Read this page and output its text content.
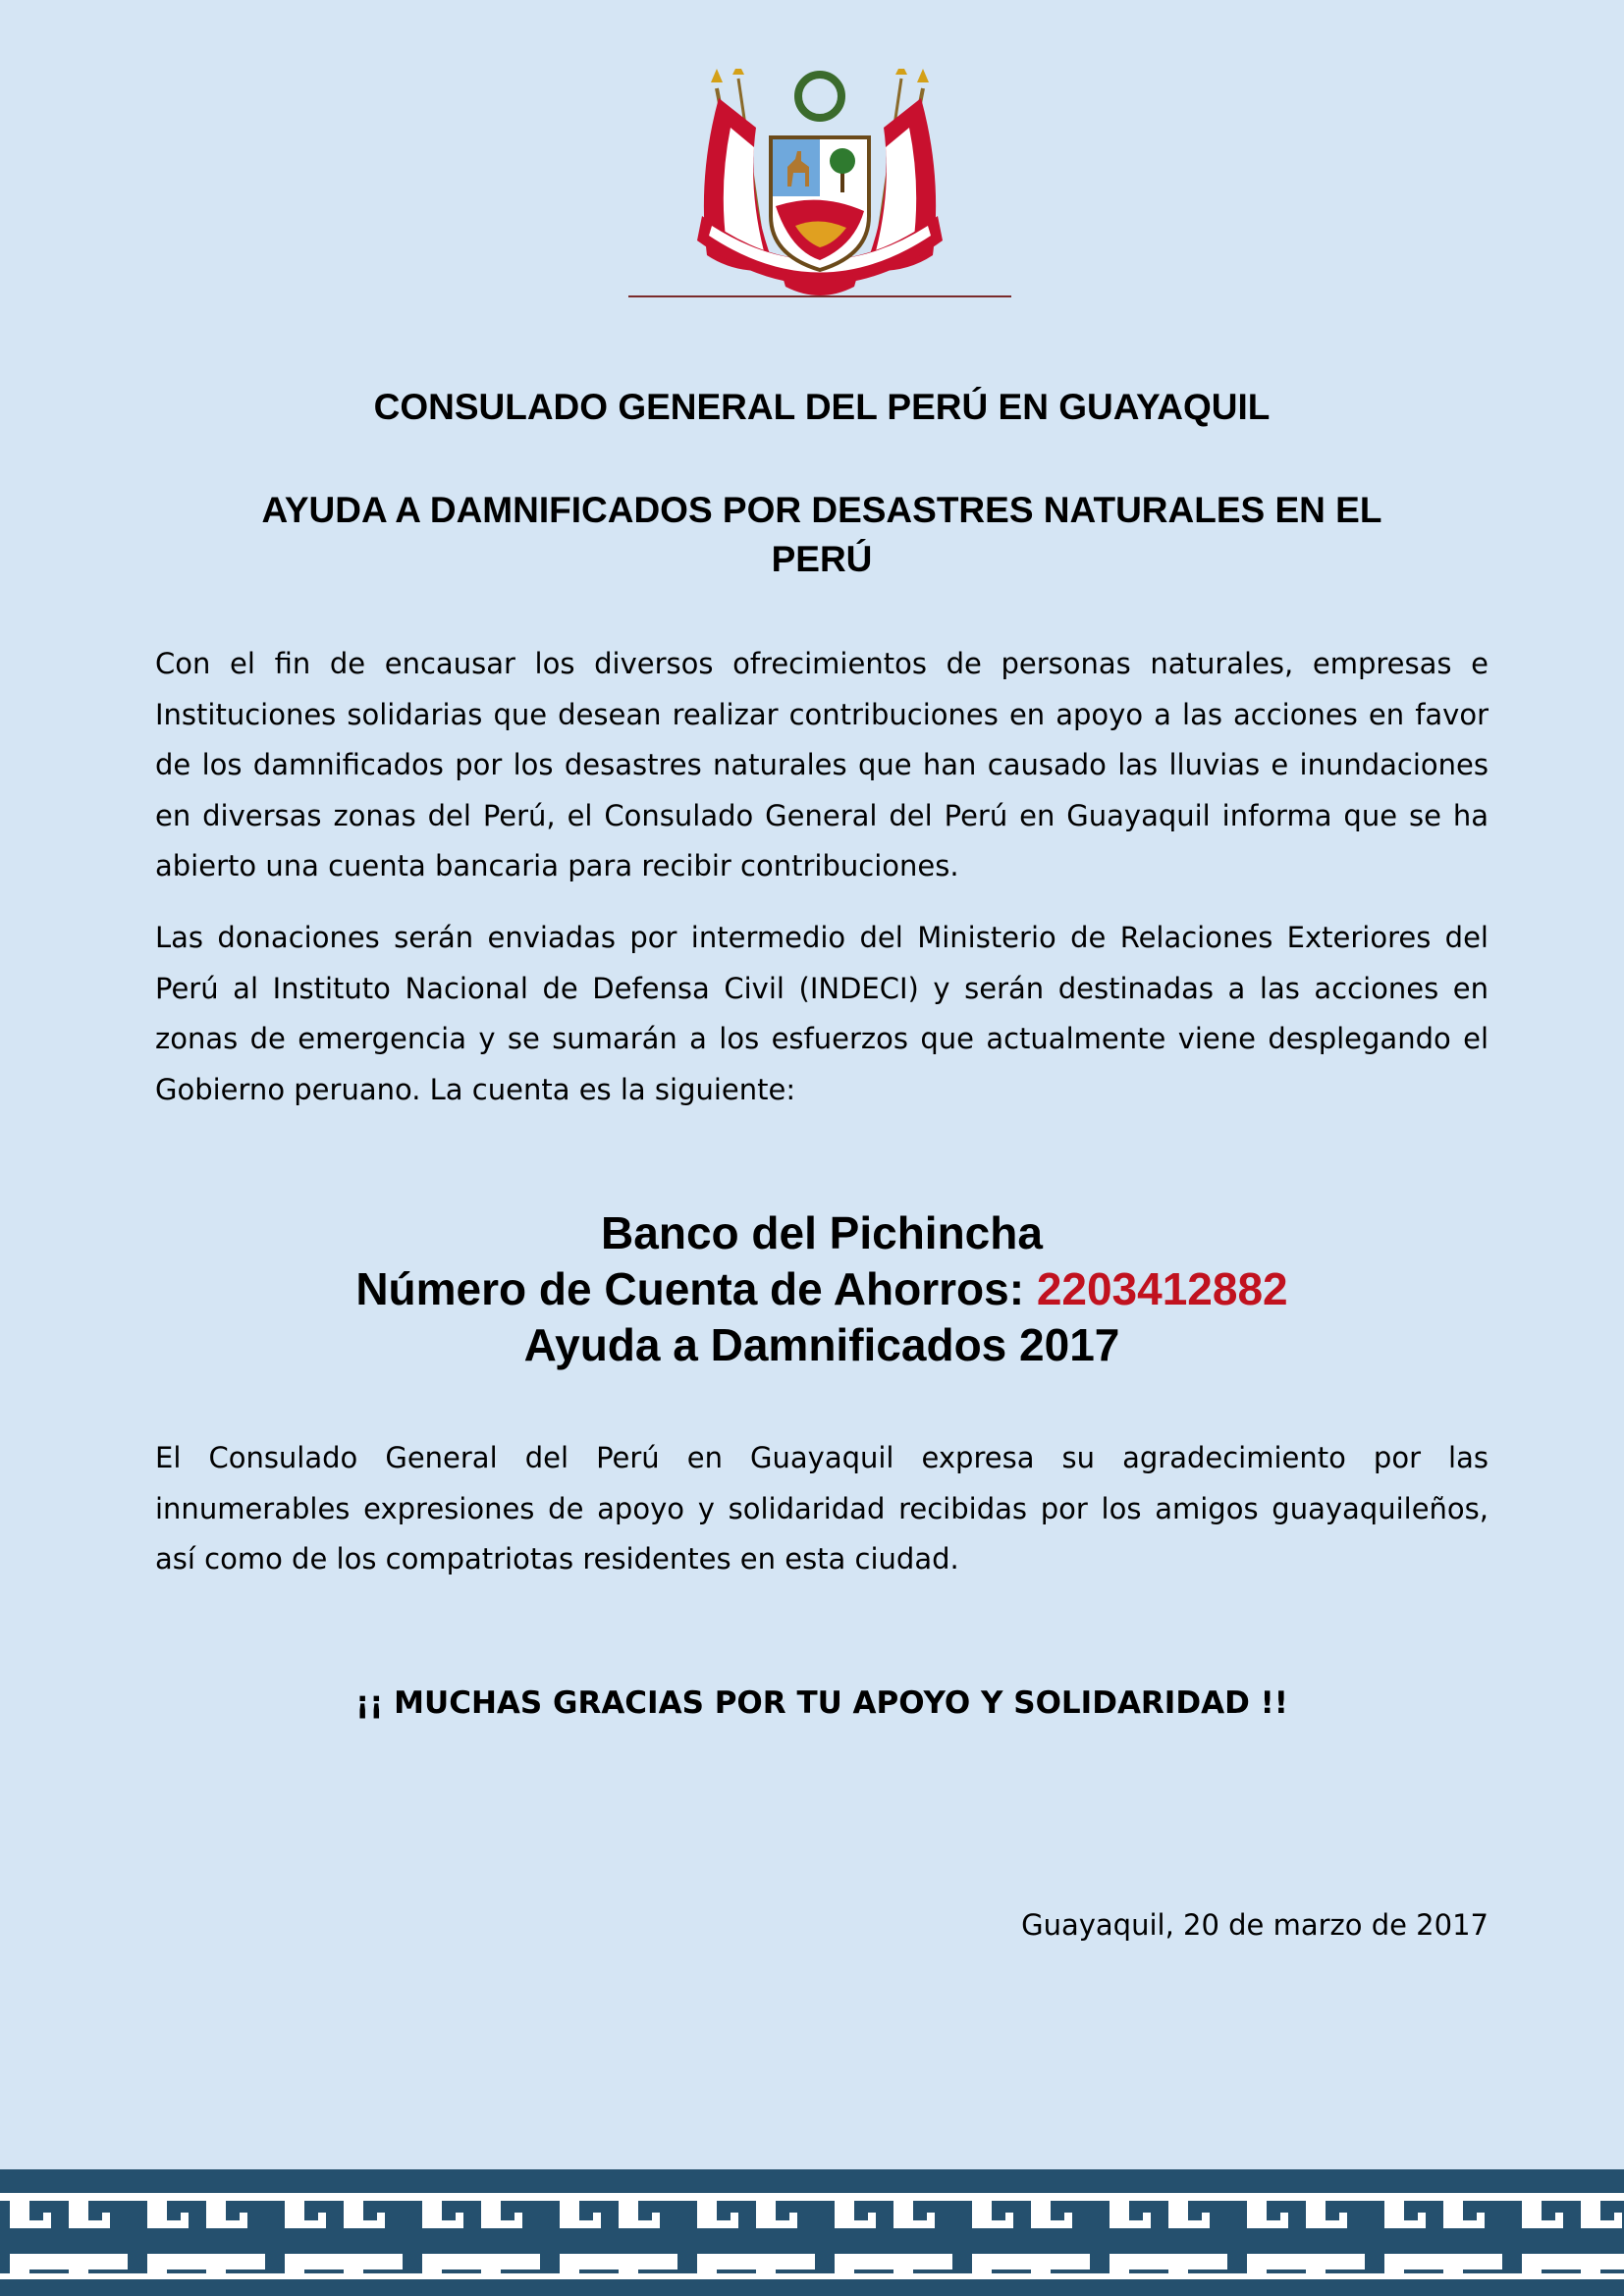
CONSULADO GENERAL DEL PERÚ EN GUAYAQUIL
AYUDA A DAMNIFICADOS POR DESASTRES NATURALES EN EL
PERÚ

Con el fin de encausar los diversos ofrecimientos de personas naturales, empresas e Instituciones solidarias que desean realizar contribuciones en apoyo a las acciones en favor de los damnificados por los desastres naturales que han causado las lluvias e inundaciones en diversas zonas del Perú, el Consulado General del Perú en Guayaquil informa que se ha abierto una cuenta bancaria para recibir contribuciones.

Las donaciones serán enviadas por intermedio del Ministerio de Relaciones Exteriores del Perú al Instituto Nacional de Defensa Civil (INDECI) y serán destinadas a las acciones en zonas de emergencia y se sumarán a los esfuerzos que actualmente viene desplegando el Gobierno peruano. La cuenta es la siguiente:

Banco del Pichincha
Número de Cuenta de Ahorros: 2203412882
Ayuda a Damnificados 2017

El Consulado General del Perú en Guayaquil expresa su agradecimiento por las innumerables expresiones de apoyo y solidaridad recibidas por los amigos guayaquileños, así como de los compatriotas residentes en esta ciudad.

¡¡ MUCHAS GRACIAS POR TU APOYO Y SOLIDARIDAD !!
Guayaquil, 20 de marzo de 2017
